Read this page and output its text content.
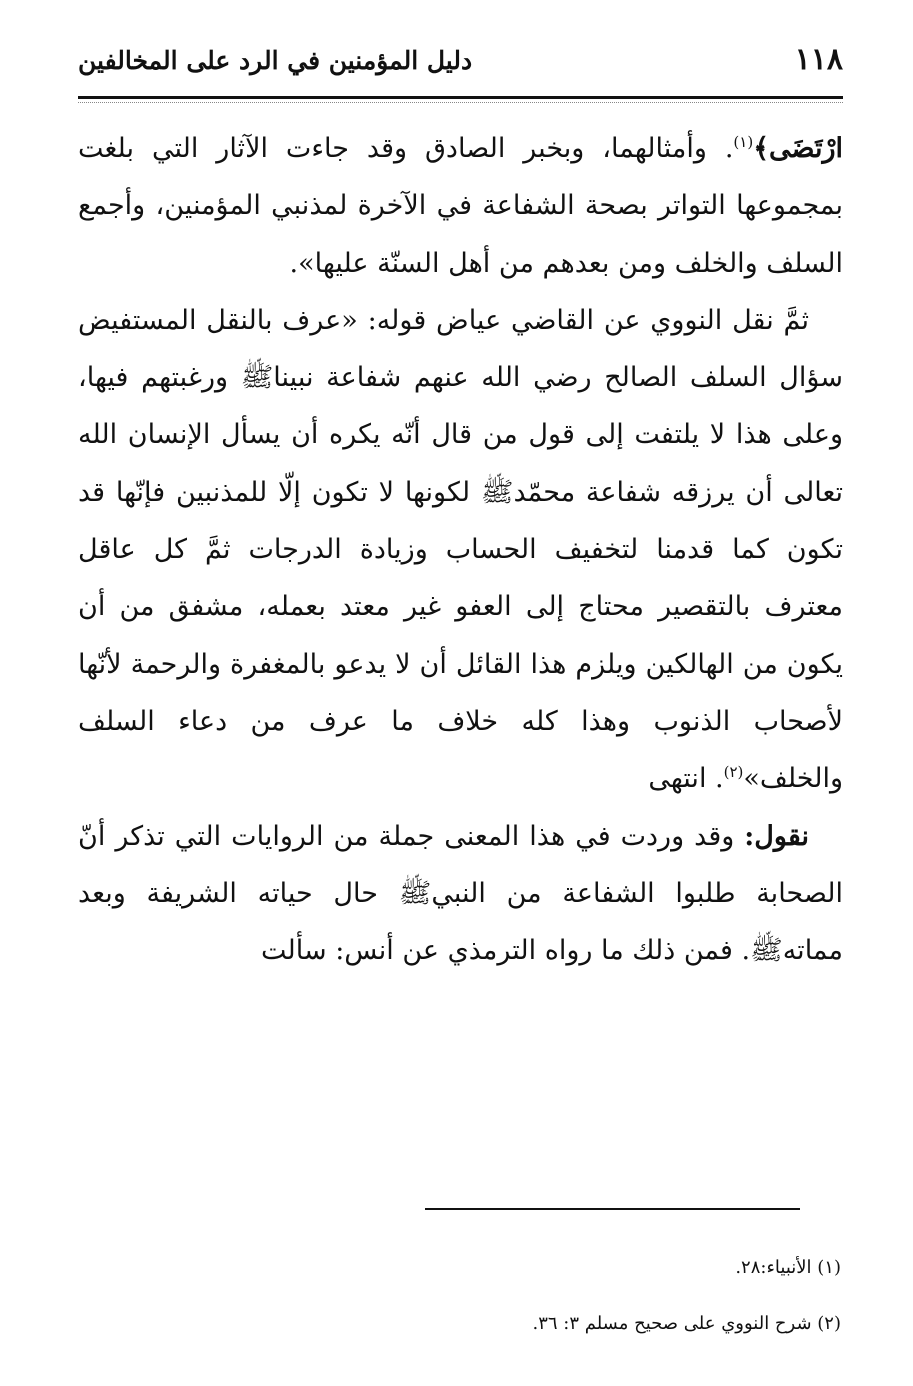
١١٨
دليل المؤمنين في الرد على المخالفين

ارْتَضَى﴾$^{(١)}$. وأمثالهما، وبخبر الصادق وقد جاءت الآثار التي بلغت بمجموعها التواتر بصحة الشفاعة في الآخرة لمذنبي المؤمنين، وأجمع السلف والخلف ومن بعدهم من أهل السنّة عليها».

ثمَّ نقل النووي عن القاضي عياض قوله: «عرف بالنقل المستفيض سؤال السلف الصالح رضي الله عنهم شفاعة نبيناﷺ ورغبتهم فيها، وعلى هذا لا يلتفت إلى قول من قال أنّه يكره أن يسأل الإنسان الله تعالى أن يرزقه شفاعة محمّدﷺ لكونها لا تكون إلّا للمذنبين فإنّها قد تكون كما قدمنا لتخفيف الحساب وزيادة الدرجات ثمَّ كل عاقل معترف بالتقصير محتاج إلى العفو غير معتد بعمله، مشفق من أن يكون من الهالكين ويلزم هذا القائل أن لا يدعو بالمغفرة والرحمة لأنّها لأصحاب الذنوب وهذا كله خلاف ما عرف من دعاء السلف والخلف»$^{(٢)}$. انتهى

نقول: وقد وردت في هذا المعنى جملة من الروايات التي تذكر أنّ الصحابة طلبوا الشفاعة من النبيﷺ حال حياته الشريفة وبعد مماتهﷺ. فمن ذلك ما رواه الترمذي عن أنس: سألت

(١) الأنبياء:٢٨.

(٢) شرح النووي على صحيح مسلم ٣: ٣٦.
